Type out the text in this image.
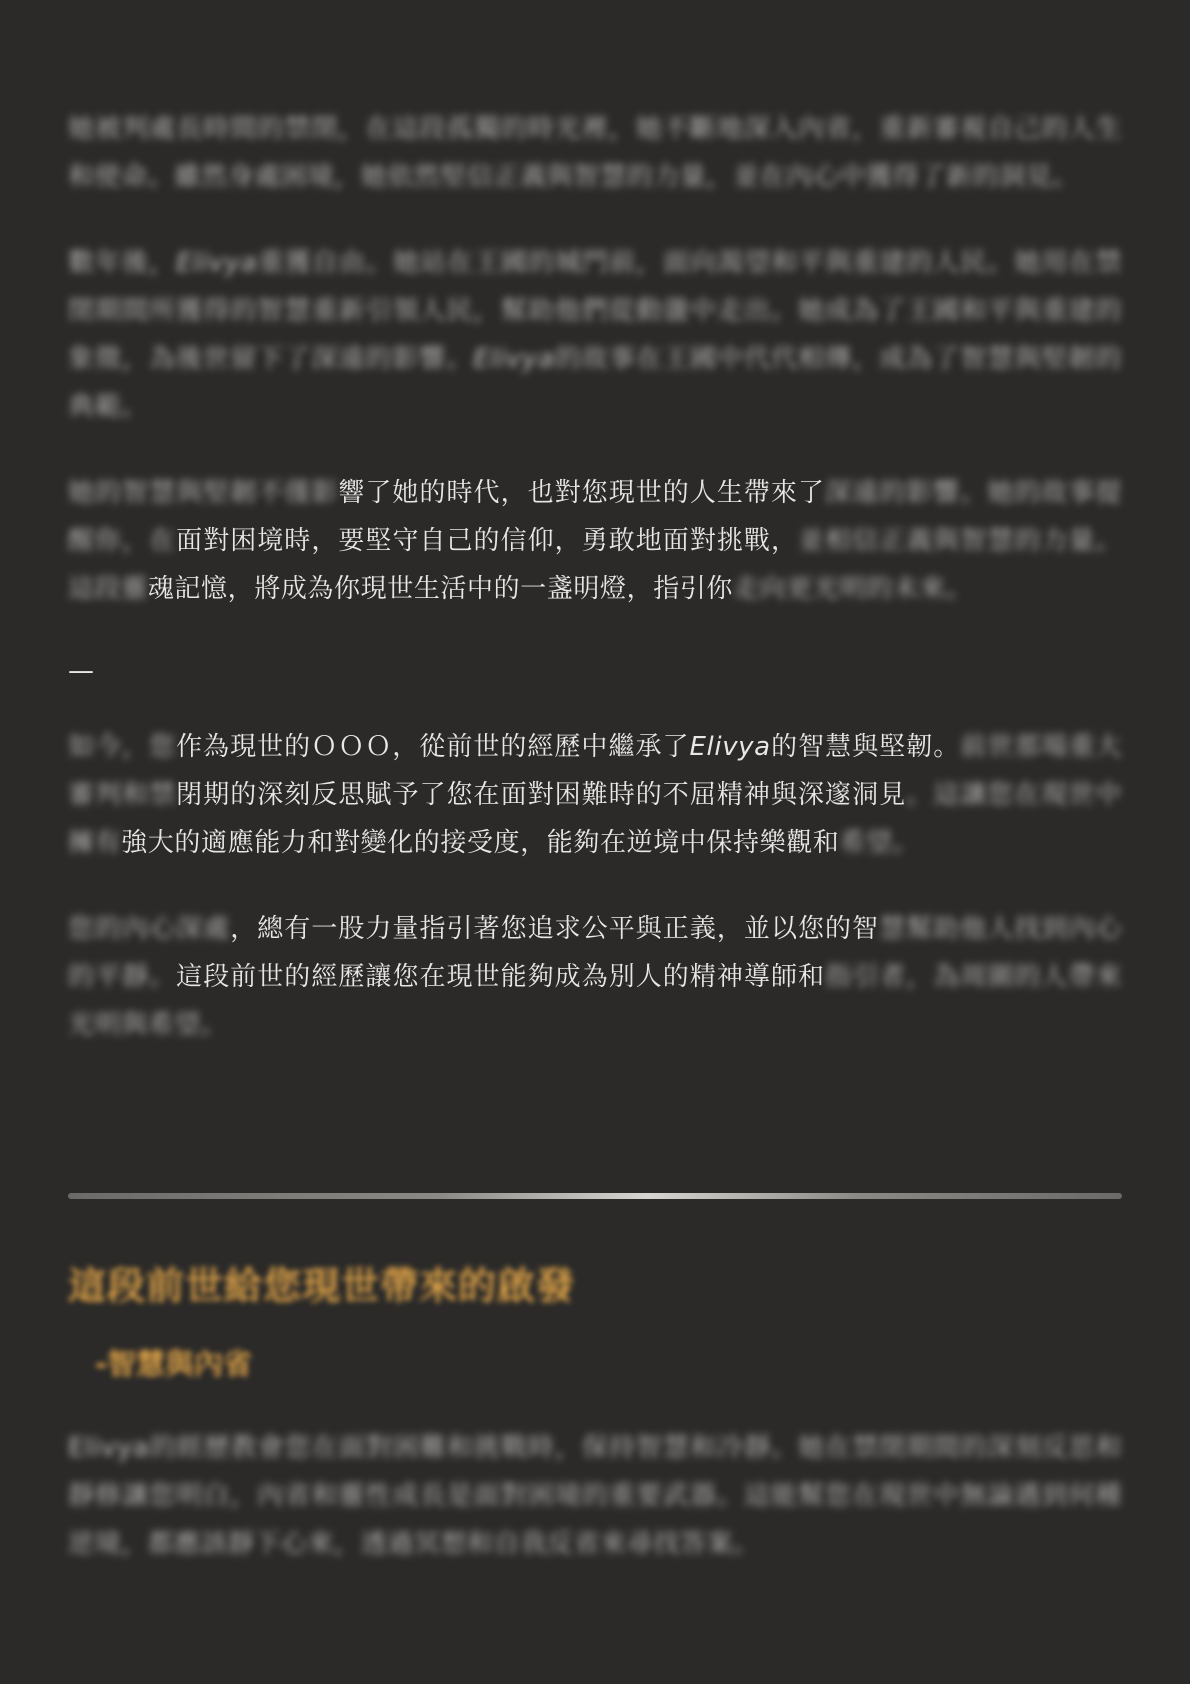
她被判處長時間的禁閉，在這段孤獨的時光裡，她不斷地深入內省，重新審視自己的人生和使命。雖然身處困境，她依然堅信正義與智慧的力量，並在內心中獲得了新的洞見。

數年後，Elivya重獲自由。她站在王國的城門前，面向渴望和平與重建的人民。她用在禁閉期間所獲得的智慧重新引領人民，幫助他們從動盪中走出。她成為了王國和平與重建的象徵，為後世留下了深遠的影響。Elivya的故事在王國中代代相傳，成為了智慧與堅韌的典範。

她的智慧與堅韌不僅影響了她的時代，也對您現世的人生帶來了深遠的影響。她的故事提醒你，在面對困境時，要堅守自己的信仰，勇敢地面對挑戰，並相信正義與智慧的力量。這段靈魂記憶，將成為你現世生活中的一盞明燈，指引你走向更光明的未來。

—

如今，您作為現世的ＯＯＯ，從前世的經歷中繼承了Elivya的智慧與堅韌。前世那場重大審判和禁閉期的深刻反思賦予了您在面對困難時的不屈精神與深邃洞見。這讓您在現世中擁有強大的適應能力和對變化的接受度，能夠在逆境中保持樂觀和希望。

您的內心深處，總有一股力量指引著您追求公平與正義，並以您的智慧幫助他人找到內心的平靜。這段前世的經歷讓您在現世能夠成為別人的精神導師和指引者，為周圍的人帶來光明與希望。

這段前世給您現世帶來的啟發
-智慧與內省

Elivya的經歷教會您在面對困難和挑戰時，保持智慧和冷靜。她在禁閉期間的深刻反思和靜修讓您明白，內省和靈性成長是面對困境的重要武器。這能幫您在現世中無論遇到何種逆境，都應該靜下心來，透過冥想和自我反省來尋找答案。
